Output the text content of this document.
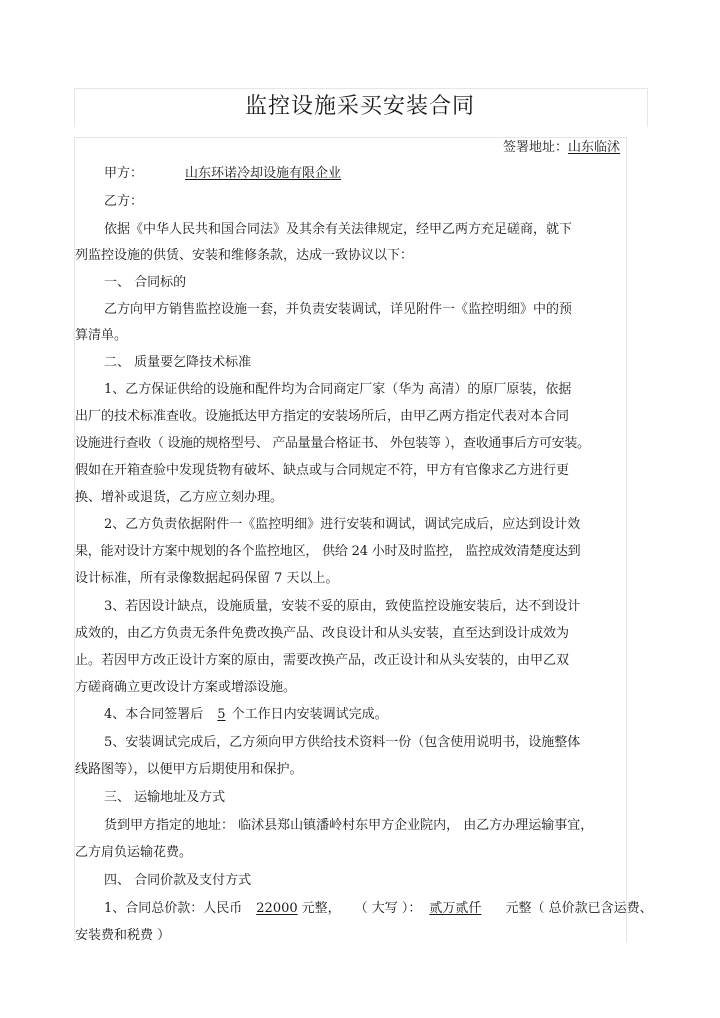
监控设施采买安装合同
签署地址：山东临沭
甲方：	山东环诺冷却设施有限企业
乙方：
依据《中华人民共和国合同法》及其余有关法律规定，经甲乙两方充足磋商，就下
列监控设施的供赁、安装和维修条款，达成一致协议以下：
一、 合同标的
乙方向甲方销售监控设施一套，并负责安装调试，详见附件一《监控明细》中的预
算清单。
二、 质量要乞降技术标准
1、乙方保证供给的设施和配件均为合同商定厂家（华为 高清）的原厂原装，依据
出厂的技术标准查收。设施抵达甲方指定的安装场所后，由甲乙两方指定代表对本合同
设施进行查收（ 设施的规格型号、 产品量量合格证书、 外包装等 ），查收通事后方可安装。
假如在开箱查验中发现货物有破坏、缺点或与合同规定不符，甲方有官像求乙方进行更
换、增补或退货，乙方应立刻办理。
2、乙方负责依据附件一《监控明细》进行安装和调试，调试完成后，应达到设计效
果，能对设计方案中规划的各个监控地区， 供给 24 小时及时监控， 监控成效清楚度达到
设计标准，所有录像数据起码保留 7 天以上。
3、若因设计缺点，设施质量，安装不妥的原由，致使监控设施安装后，达不到设计
成效的，由乙方负责无条件免费改换产品、改良设计和从头安装，直至达到设计成效为
止。若因甲方改正设计方案的原由，需要改换产品，改正设计和从头安装的，由甲乙双
方磋商确立更改设计方案或增添设施。
4、本合同签署后 5 个工作日内安装调试完成。
5、安装调试完成后，乙方须向甲方供给技术资料一份（包含使用说明书，设施整体
线路图等），以便甲方后期使用和保护。
三、 运输地址及方式
货到甲方指定的地址： 临沭县郑山镇潘岭村东甲方企业院内， 由乙方办理运输事宜，
乙方肩负运输花费。
四、 合同价款及支付方式
1、合同总价款：人民币 22000 元整， （ 大写 ）： 贰万贰仟 元整（ 总价款已含运费、
安装费和税费 ）
